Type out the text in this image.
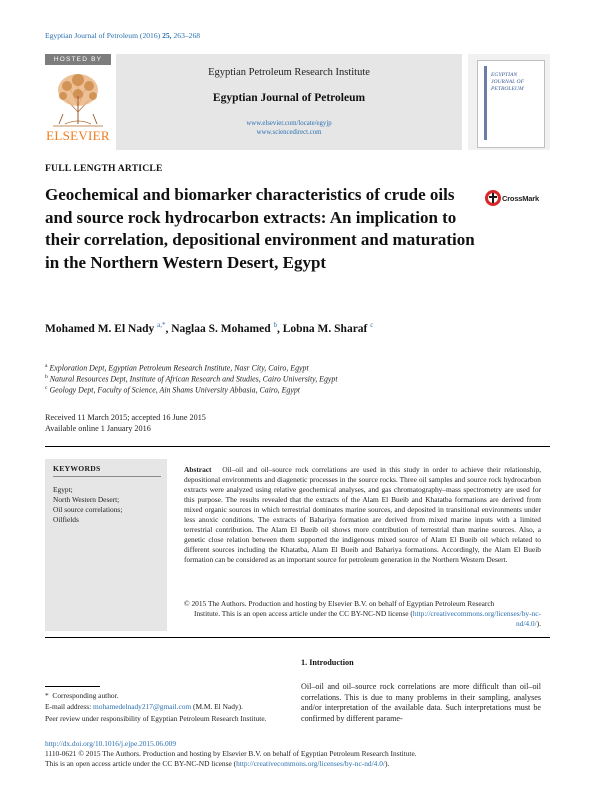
Egyptian Journal of Petroleum (2016) 25, 263–268
HOSTED BY
ELSEVIER
Egyptian Petroleum Research Institute
Egyptian Journal of Petroleum
www.elsevier.com/locate/egyjp
www.sciencedirect.com
EGYPTIAN JOURNAL OF PETROLEUM
FULL LENGTH ARTICLE
Geochemical and biomarker characteristics of crude oils and source rock hydrocarbon extracts: An implication to their correlation, depositional environment and maturation in the Northern Western Desert, Egypt
CrossMark
Mohamed M. El Nady $^{a,*}$, Naglaa S. Mohamed $^b$, Lobna M. Sharaf $^c$
$^a$ Exploration Dept, Egyptian Petroleum Research Institute, Nasr City, Cairo, Egypt
$^b$ Natural Resources Dept, Institute of African Research and Studies, Cairo University, Egypt
$^c$ Geology Dept, Faculty of Science, Ain Shams University Abbasia, Cairo, Egypt
Received 11 March 2015; accepted 16 June 2015
Available online 1 January 2016
KEYWORDS
Egypt;
North Western Desert;
Oil source correlations;
Oilfields
Abstract Oil–oil and oil–source rock correlations are used in this study in order to achieve their relationship, depositional environments and diagenetic processes in the source rocks. Three oil samples and source rock hydrocarbon extracts were analyzed using relative geochemical analyses, and gas chromatography–mass spectrometry are used for this purpose. The results revealed that the extracts of the Alam El Bueib and Khatatba formations are derived from mixed organic sources in which terrestrial dominates marine sources, and deposited in transitional environments under less anoxic conditions. The extracts of Bahariya formation are derived from mixed marine inputs with a limited terrestrial contribution. The Alam El Bueib oil shows more contribution of terrestrial than marine sources. Also, a genetic close relation between them supported the indigenous mixed source of Alam El Bueib oil which related to different sources including the Khatatba, Alam El Bueib and Bahariya formations. Accordingly, the Alam El Bueib formation can be considered as an important source for petroleum generation in the Northern Western Desert.
© 2015 The Authors. Production and hosting by Elsevier B.V. on behalf of Egyptian Petroleum Research
Institute. This is an open access article under the CC BY-NC-ND license (http://creativecommons.org/licenses/by-nc-nd/4.0/).
1. Introduction
Oil–oil and oil–source rock correlations are more difficult than oil–oil correlations. This is due to many problems in their sampling, analyses and/or interpretation of the available data. Such interpretations must be confirmed by different parame-
* Corresponding author.
E-mail address: mohamedelnady217@gmail.com (M.M. El Nady).
Peer review under responsibility of Egyptian Petroleum Research Institute.
http://dx.doi.org/10.1016/j.ejpe.2015.06.009
1110-0621 © 2015 The Authors. Production and hosting by Elsevier B.V. on behalf of Egyptian Petroleum Research Institute.
This is an open access article under the CC BY-NC-ND license (http://creativecommons.org/licenses/by-nc-nd/4.0/).
